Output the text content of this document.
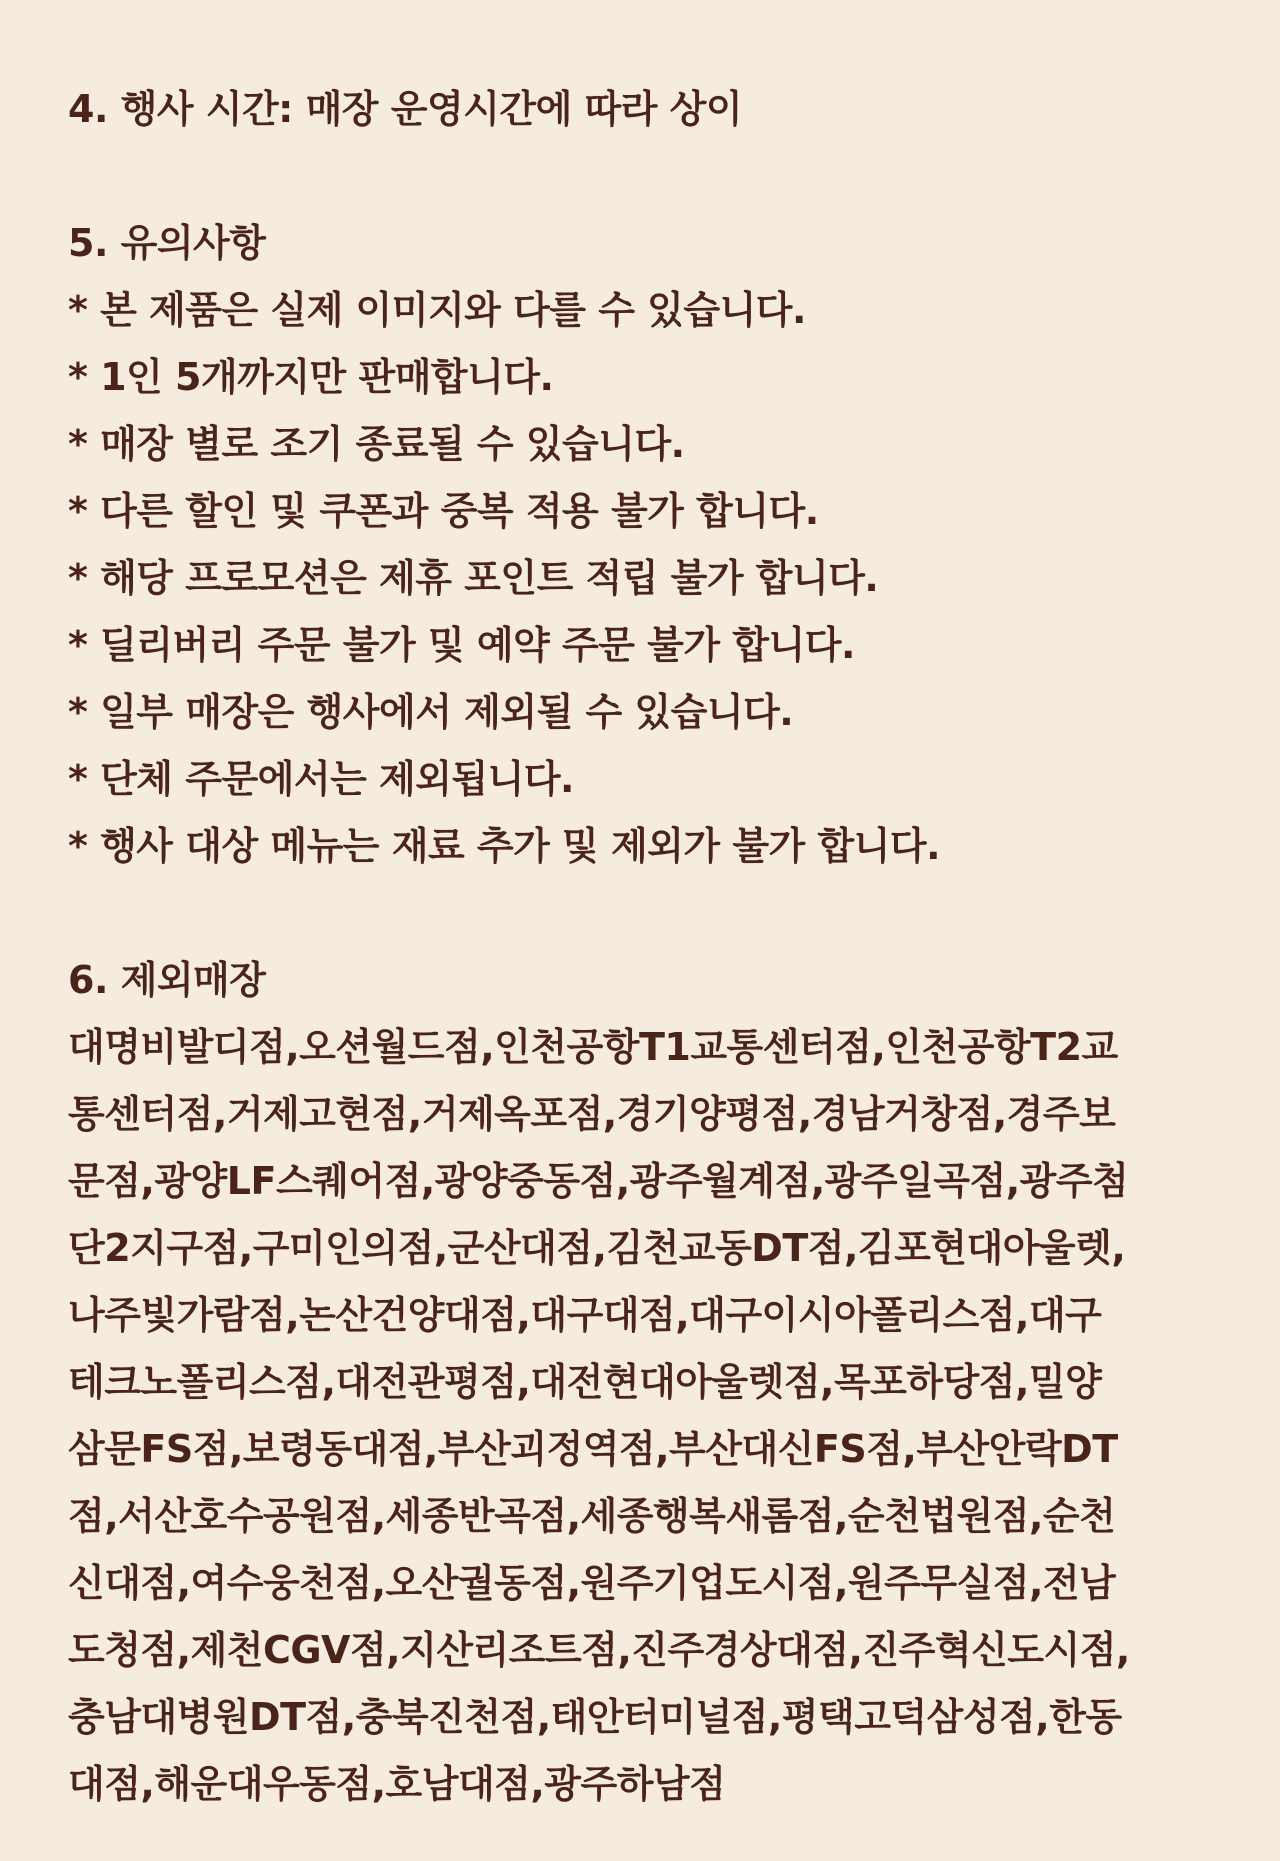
4. 행사 시간: 매장 운영시간에 따라 상이
5. 유의사항
* 본 제품은 실제 이미지와 다를 수 있습니다.
* 1인 5개까지만 판매합니다.
* 매장 별로 조기 종료될 수 있습니다.
* 다른 할인 및 쿠폰과 중복 적용 불가 합니다.
* 해당 프로모션은 제휴 포인트 적립 불가 합니다.
* 딜리버리 주문 불가 및 예약 주문 불가 합니다.
* 일부 매장은 행사에서 제외될 수 있습니다.
* 단체 주문에서는 제외됩니다.
* 행사 대상 메뉴는 재료 추가 및 제외가 불가 합니다.
6. 제외매장
대명비발디점,오션월드점,인천공항T1교통센터점,인천공항T2교
통센터점,거제고현점,거제옥포점,경기양평점,경남거창점,경주보
문점,광양LF스퀘어점,광양중동점,광주월계점,광주일곡점,광주첨
단2지구점,구미인의점,군산대점,김천교동DT점,김포현대아울렛,
나주빛가람점,논산건양대점,대구대점,대구이시아폴리스점,대구
테크노폴리스점,대전관평점,대전현대아울렛점,목포하당점,밀양
삼문FS점,보령동대점,부산괴정역점,부산대신FS점,부산안락DT
점,서산호수공원점,세종반곡점,세종행복새롬점,순천법원점,순천
신대점,여수웅천점,오산궐동점,원주기업도시점,원주무실점,전남
도청점,제천CGV점,지산리조트점,진주경상대점,진주혁신도시점,
충남대병원DT점,충북진천점,태안터미널점,평택고덕삼성점,한동
대점,해운대우동점,호남대점,광주하남점
